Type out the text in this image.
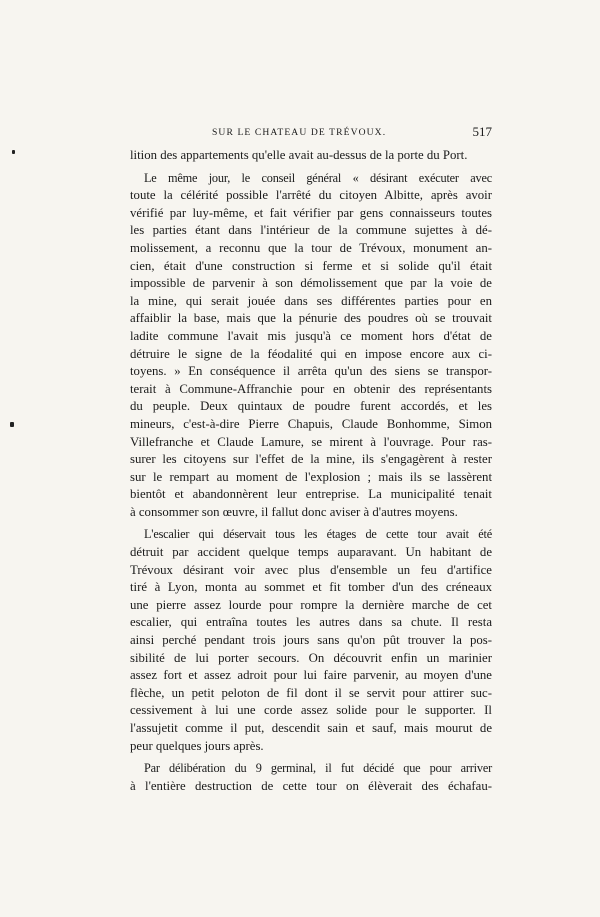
SUR LE CHATEAU DE TRÉVOUX.	517
lition des appartements qu'elle avait au-dessus de la porte du Port.
Le même jour, le conseil général « désirant exécuter avec
toute la célérité possible l'arrêté du citoyen Albitte, après avoir
vérifié par luy-même, et fait vérifier par gens connaisseurs toutes
les parties étant dans l'intérieur de la commune sujettes à dé-
molissement, a reconnu que la tour de Trévoux, monument an-
cien, était d'une construction si ferme et si solide qu'il était
impossible de parvenir à son démolissement que par la voie de
la mine, qui serait jouée dans ses différentes parties pour en
affaiblir la base, mais que la pénurie des poudres où se trouvait
ladite commune l'avait mis jusqu'à ce moment hors d'état de
détruire le signe de la féodalité qui en impose encore aux ci-
toyens. » En conséquence il arrêta qu'un des siens se transpor-
terait à Commune-Affranchie pour en obtenir des représentants
du peuple. Deux quintaux de poudre furent accordés, et les
mineurs, c'est-à-dire Pierre Chapuis, Claude Bonhomme, Simon
Villefranche et Claude Lamure, se mirent à l'ouvrage. Pour ras-
surer les citoyens sur l'effet de la mine, ils s'engagèrent à rester
sur le rempart au moment de l'explosion ; mais ils se lassèrent
bientôt et abandonnèrent leur entreprise. La municipalité tenait
à consommer son œuvre, il fallut donc aviser à d'autres moyens.
L'escalier qui déservait tous les étages de cette tour avait été
détruit par accident quelque temps auparavant. Un habitant de
Trévoux désirant voir avec plus d'ensemble un feu d'artifice
tiré à Lyon, monta au sommet et fit tomber d'un des créneaux
une pierre assez lourde pour rompre la dernière marche de cet
escalier, qui entraîna toutes les autres dans sa chute. Il resta
ainsi perché pendant trois jours sans qu'on pût trouver la pos-
sibilité de lui porter secours. On découvrit enfin un marinier
assez fort et assez adroit pour lui faire parvenir, au moyen d'une
flèche, un petit peloton de fil dont il se servit pour attirer suc-
cessivement à lui une corde assez solide pour le supporter. Il
l'assujetit comme il put, descendit sain et sauf, mais mourut de
peur quelques jours après.
Par délibération du 9 germinal, il fut décidé que pour arriver
à l'entière destruction de cette tour on élèverait des échafau-
